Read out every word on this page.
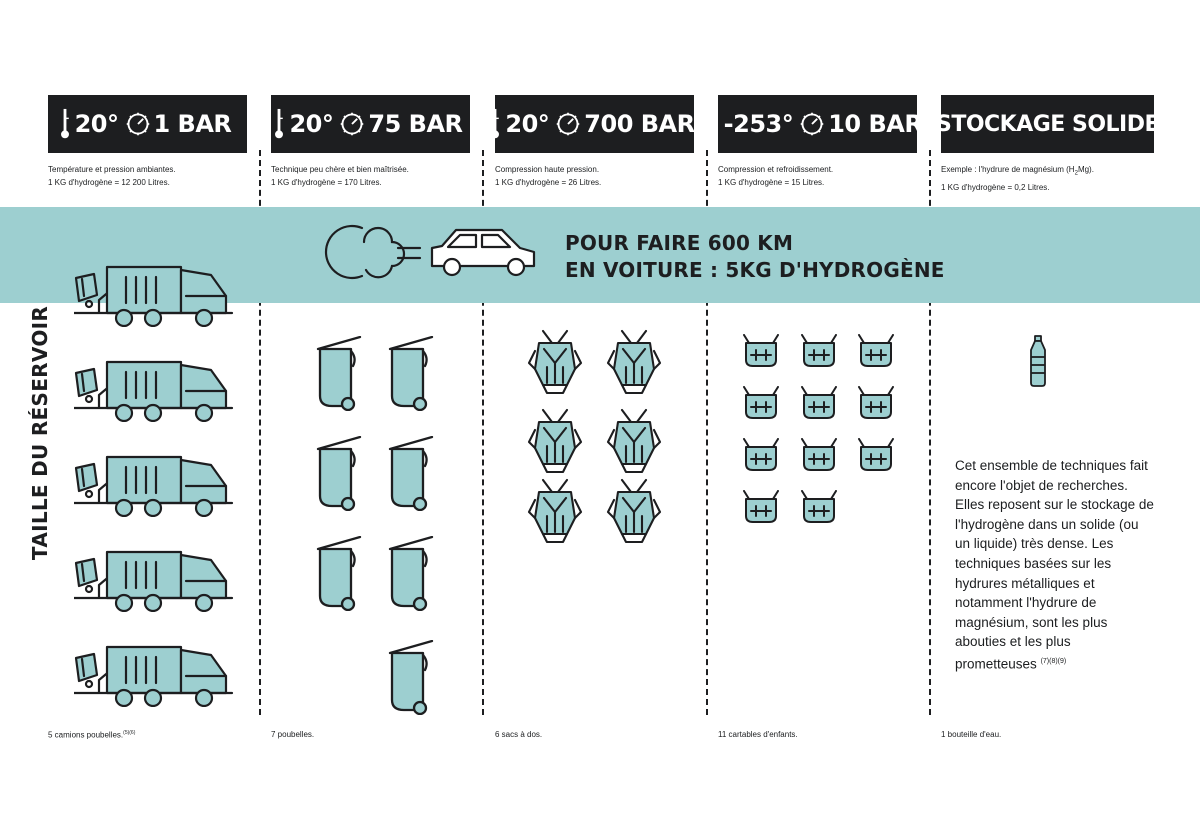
20° 1 BAR 20° 75 BAR 20° 700 BAR -253° 10 BAR STOCKAGE SOLIDE
Température et pression ambiantes.
1 KG d'hydrogène = 12 200 Litres.
Technique peu chère et bien maîtrisée.
1 KG d'hydrogène = 170 Litres.
Compression haute pression.
1 KG d'hydrogène = 26 Litres.
Compression et refroidissement.
1 KG d'hydrogène = 15 Litres.
Exemple : l'hydrure de magnésium $(H_2Mg)$.
1 KG d'hydrogène = 0,2 Litres.
TAILLE DU RÉSERVOIR	Cet ensemble de techniques fait encore l'objet de recherches. Elles reposent sur le stockage de l'hydrogène dans un solide (ou un liquide) très dense. Les techniques basées sur les hydrures métalliques et notamment l'hydrure de magnésium, sont les plus abouties et les plus prometteuses $^{(7)(8)(9)}$
POUR FAIRE 600 KM
EN VOITURE : 5KG D'HYDROGÈNE
5 camions poubelles.$^{(5)(6)}$	7 poubelles.	6 sacs à dos.	11 cartables d'enfants.	1 bouteille d'eau.
